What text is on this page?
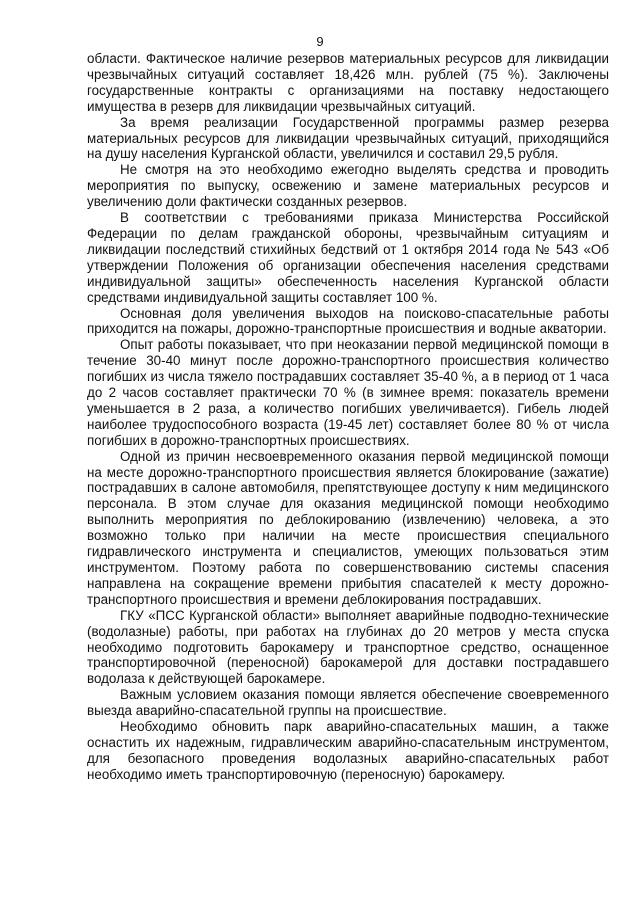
9

области. Фактическое наличие резервов материальных ресурсов для ликвидации чрезвычайных ситуаций составляет 18,426 млн. рублей (75 %). Заключены государственные контракты с организациями на поставку недостающего имущества в резерв для ликвидации чрезвычайных ситуаций.

За время реализации Государственной программы размер резерва материальных ресурсов для ликвидации чрезвычайных ситуаций, приходящийся на душу населения Курганской области, увеличился и составил 29,5 рубля.

Не смотря на это необходимо ежегодно выделять средства и проводить мероприятия по выпуску, освежению и замене материальных ресурсов и увеличению доли фактически созданных резервов.

В соответствии с требованиями приказа Министерства Российской Федерации по делам гражданской обороны, чрезвычайным ситуациям и ликвидации последствий стихийных бедствий от 1 октября 2014 года № 543 «Об утверждении Положения об организации обеспечения населения средствами индивидуальной защиты» обеспеченность населения Курганской области средствами индивидуальной защиты составляет 100 %.

Основная доля увеличения выходов на поисково-спасательные работы приходится на пожары, дорожно-транспортные происшествия и водные акватории.

Опыт работы показывает, что при неоказании первой медицинской помощи в течение 30-40 минут после дорожно-транспортного происшествия количество погибших из числа тяжело пострадавших составляет 35-40 %, а в период от 1 часа до 2 часов составляет практически 70 % (в зимнее время: показатель времени уменьшается в 2 раза, а количество погибших увеличивается). Гибель людей наиболее трудоспособного возраста (19-45 лет) составляет более 80 % от числа погибших в дорожно-транспортных происшествиях.

Одной из причин несвоевременного оказания первой медицинской помощи на месте дорожно-транспортного происшествия является блокирование (зажатие) пострадавших в салоне автомобиля, препятствующее доступу к ним медицинского персонала. В этом случае для оказания медицинской помощи необходимо выполнить мероприятия по деблокированию (извлечению) человека, а это возможно только при наличии на месте происшествия специального гидравлического инструмента и специалистов, умеющих пользоваться этим инструментом. Поэтому работа по совершенствованию системы спасения направлена на сокращение времени прибытия спасателей к месту дорожно-транспортного происшествия и времени деблокирования пострадавших.

ГКУ «ПСС Курганской области» выполняет аварийные подводно-технические (водолазные) работы, при работах на глубинах до 20 метров у места спуска необходимо подготовить барокамеру и транспортное средство, оснащенное транспортировочной (переносной) барокамерой для доставки пострадавшего водолаза к действующей барокамере.

Важным условием оказания помощи является обеспечение своевременного выезда аварийно-спасательной группы на происшествие.

Необходимо обновить парк аварийно-спасательных машин, а также оснастить их надежным, гидравлическим аварийно-спасательным инструментом, для безопасного проведения водолазных аварийно-спасательных работ необходимо иметь транспортировочную (переносную) барокамеру.
